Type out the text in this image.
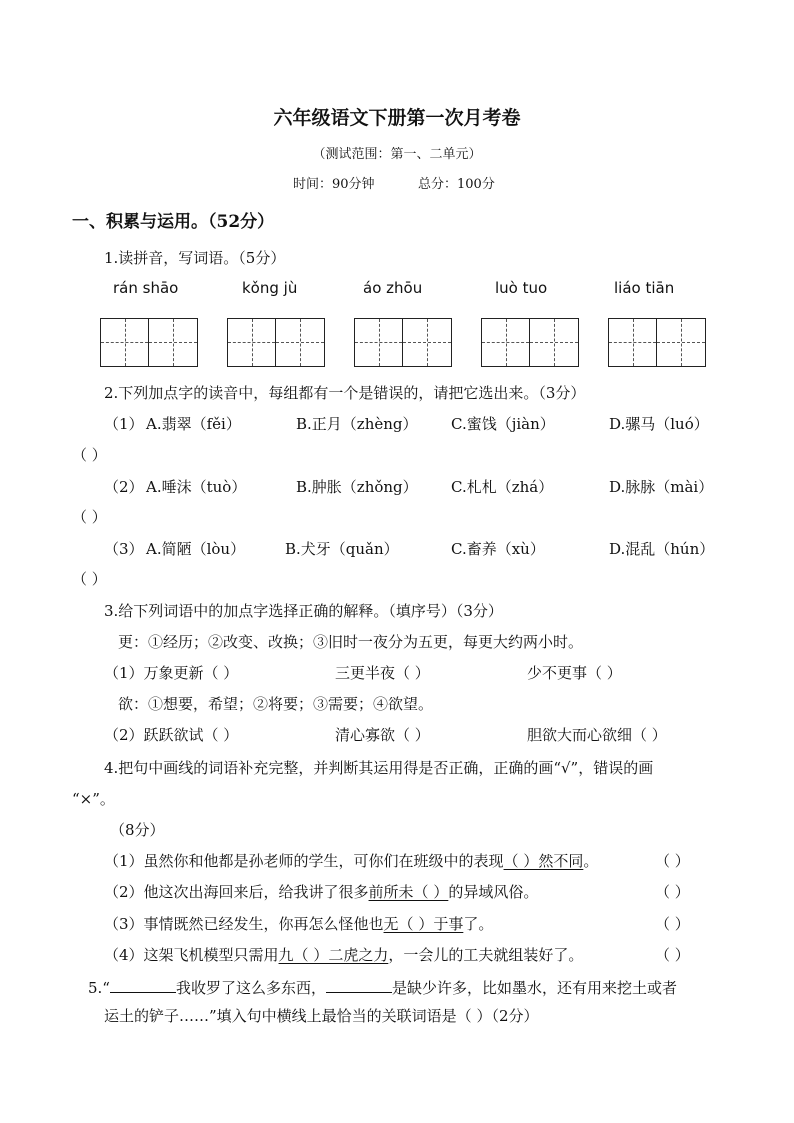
六年级语文下册第一次月考卷
（测试范围：第一、二单元）
时间：90分钟	总分：100分
一、积累与运用。（52分）
1.读拼音，写词语。（5分）
rán shāo	kǒng jù	áo zhōu	luò tuo	liáo tiān
2.下列加点字的读音中，每组都有一个是错误的，请把它选出来。（3分）
（1） A.翡翠（fěi）	B.正月（zhèng） C.蜜饯（jiàn）	D.骡马（luó）
（ ）
（2） A.唾沫（tuò）	B.肿胀（zhǒng） C.札札（zhá）	D.脉脉（mài）
（ ）
（3） A.简陋（lòu）	B.犬牙（quǎn）	C.畜养（xù）	D.混乱（hún）
（ ）
3.给下列词语中的加点字选择正确的解释。（填序号）（3分）
更：①经历；②改变、改换；③旧时一夜分为五更，每更大约两小时。
（1）万象更新（ ）	三更半夜（ ）	少不更事（ ）
欲：①想要，希望；②将要；③需要；④欲望。
（2）跃跃欲试（ ）	清心寡欲（ ）	胆欲大而心欲细（ ）
4.把句中画线的词语补充完整，并判断其运用得是否正确，正确的画“√”，错误的画
“×”。
（8分）
（1）虽然你和他都是孙老师的学生，可你们在班级中的表现（ ）然不同。	（ ）
（2）他这次出海回来后，给我讲了很多前所未（ ）的异域风俗。	（ ）
（3）事情既然已经发生，你再怎么怪他也无（ ）于事了。	（ ）
（4）这架飞机模型只需用九（ ）二虎之力，一会儿的工夫就组装好了。	（ ）
5.“	我收罗了这么多东西，	是缺少许多，比如墨水，还有用来挖土或者
运土的铲子……”填入句中横线上最恰当的关联词语是（ ）（2分）
